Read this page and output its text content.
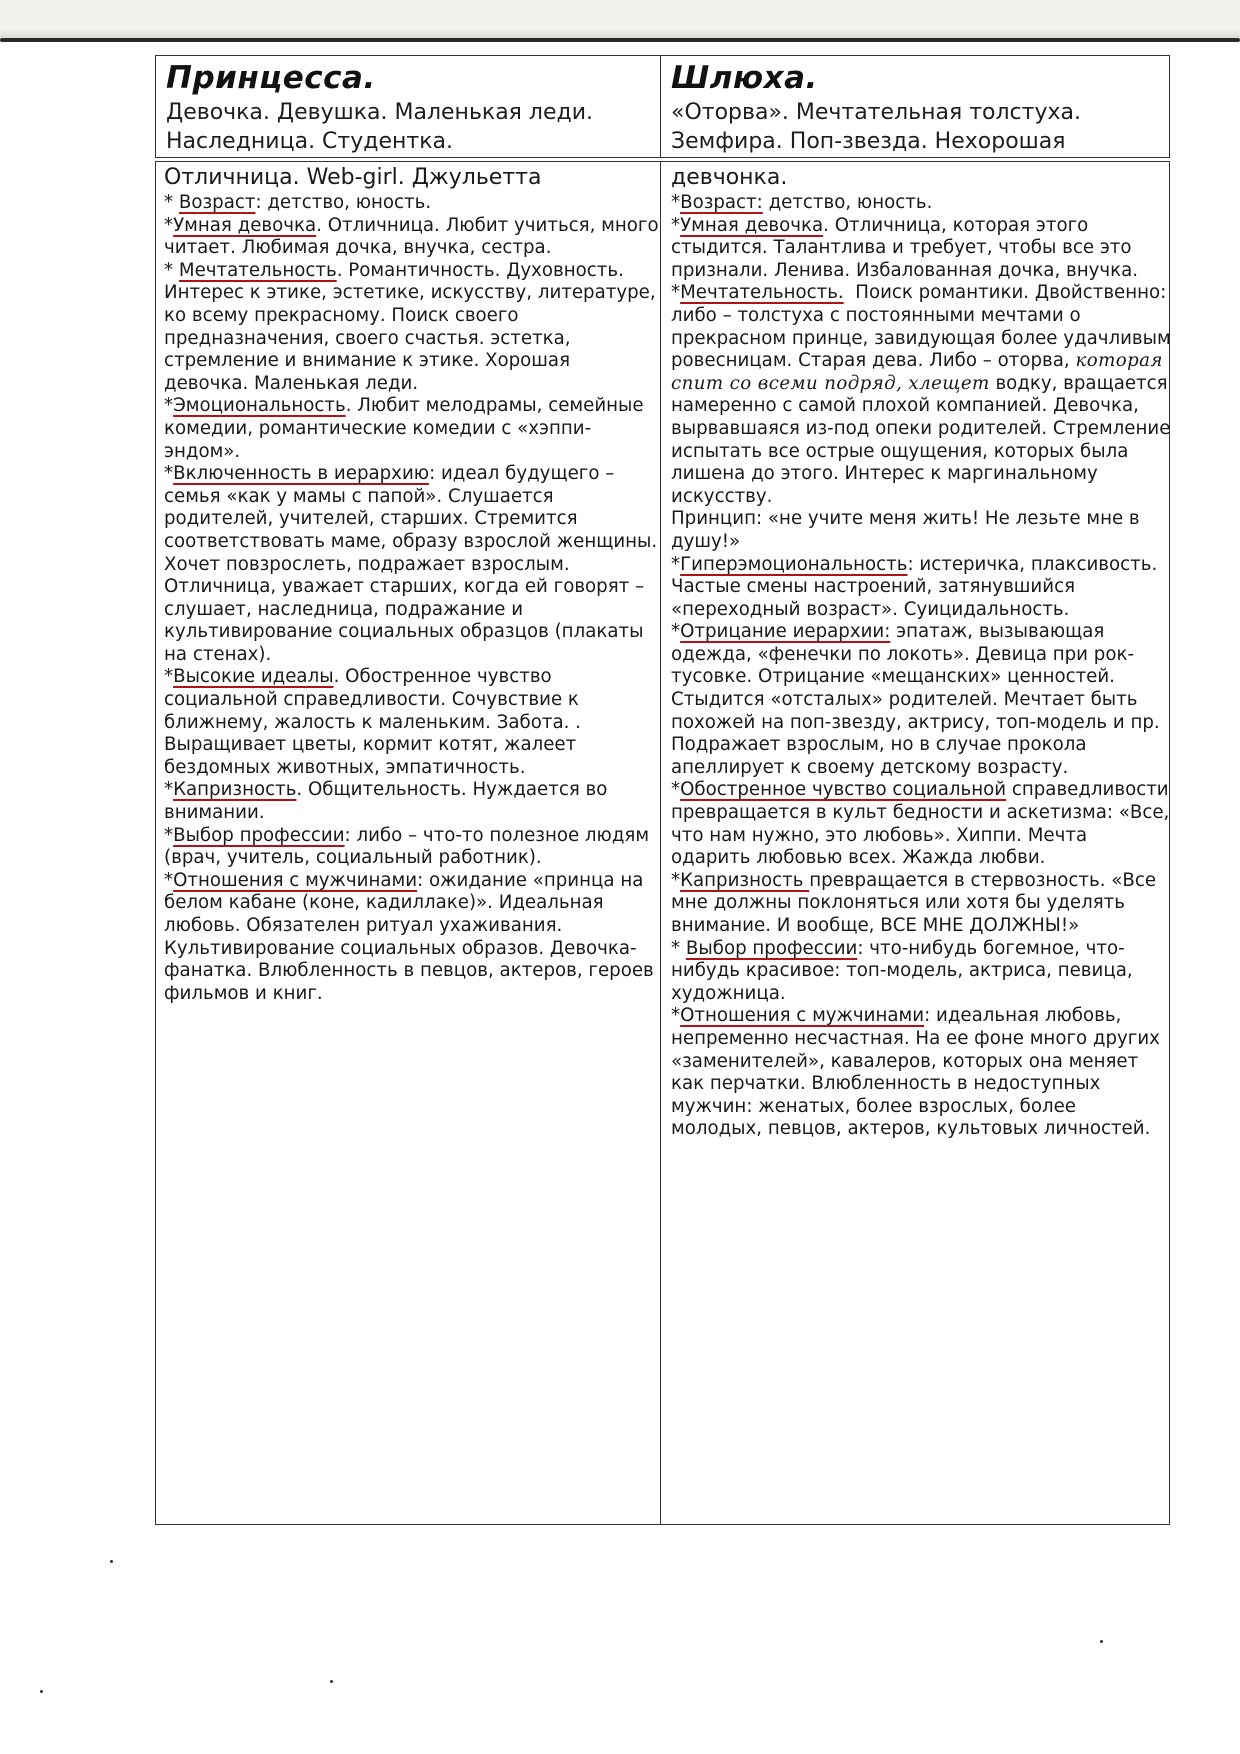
Принцесса.
Девочка. Девушка. Маленькая леди. Наследница. Студентка.
Шлюха.
«Оторва». Мечтательная толстуха. Земфира. Поп-звезда. Нехорошая
Отличница. Web-girl. Джульетта
* Возраст: детство, юность.
*Умная девочка. Отличница. Любит учиться, много читает. Любимая дочка, внучка, сестра.
* Мечтательность. Романтичность. Духовность. Интерес к этике, эстетике, искусству, литературе, ко всему прекрасному. Поиск своего предназначения, своего счастья. эстетка, стремление и внимание к этике. Хорошая девочка. Маленькая леди.
*Эмоциональность. Любит мелодрамы, семейные комедии, романтические комедии с «хэппи-эндом».
*Включенность в иерархию: идеал будущего – семья «как у мамы с папой». Слушается родителей, учителей, старших. Стремится соответствовать маме, образу взрослой женщины. Хочет повзрослеть, подражает взрослым.
Отличница, уважает старших, когда ей говорят – слушает, наследница, подражание и культивирование социальных образцов (плакаты на стенах).
*Высокие идеалы. Обостренное чувство социальной справедливости. Сочувствие к ближнему, жалость к маленьким. Забота. . Выращивает цветы, кормит котят, жалеет бездомных животных, эмпатичность.
*Капризность. Общительность. Нуждается во внимании.
*Выбор профессии: либо – что-то полезное людям (врач, учитель, социальный работник).
*Отношения с мужчинами: ожидание «принца на белом кабане (коне, кадиллаке)». Идеальная любовь. Обязателен ритуал ухаживания. Культивирование социальных образов. Девочка-фанатка. Влюбленность в певцов, актеров, героев фильмов и книг.
девчонка.
*Возраст: детство, юность.
*Умная девочка. Отличница, которая этого стыдится. Талантлива и требует, чтобы все это признали. Ленива. Избалованная дочка, внучка.
*Мечтательность.  Поиск романтики. Двойственно: либо – толстуха с постоянными мечтами о прекрасном принце, завидующая более удачливым ровесницам. Старая дева. Либо – оторва, которая спит со всеми подряд, хлещет водку, вращается намеренно с самой плохой компанией. Девочка, вырвавшаяся из-под опеки родителей. Стремление испытать все острые ощущения, которых была лишена до этого. Интерес к маргинальному искусству.
Принцип: «не учите меня жить! Не лезьте мне в душу!»
*Гиперэмоциональность: истеричка, плаксивость. Частые смены настроений, затянувшийся «переходный возраст». Суицидальность.
*Отрицание иерархии: эпатаж, вызывающая одежда, «фенечки по локоть». Девица при рок-тусовке. Отрицание «мещанских» ценностей. Стыдится «отсталых» родителей. Мечтает быть похожей на поп-звезду, актрису, топ-модель и пр. Подражает взрослым, но в случае прокола апеллирует к своему детскому возрасту.
*Обостренное чувство социальной справедливости превращается в культ бедности и аскетизма: «Все, что нам нужно, это любовь». Хиппи. Мечта одарить любовью всех. Жажда любви.
*Капризность превращается в стервозность. «Все мне должны поклоняться или хотя бы уделять внимание. И вообще, ВСЕ МНЕ ДОЛЖНЫ!»
* Выбор профессии: что-нибудь богемное, что-нибудь красивое: топ-модель, актриса, певица, художница.
*Отношения с мужчинами: идеальная любовь, непременно несчастная. На ее фоне много других «заменителей», кавалеров, которых она меняет как перчатки. Влюбленность в недоступных мужчин: женатых, более взрослых, более молодых, певцов, актеров, культовых личностей.
